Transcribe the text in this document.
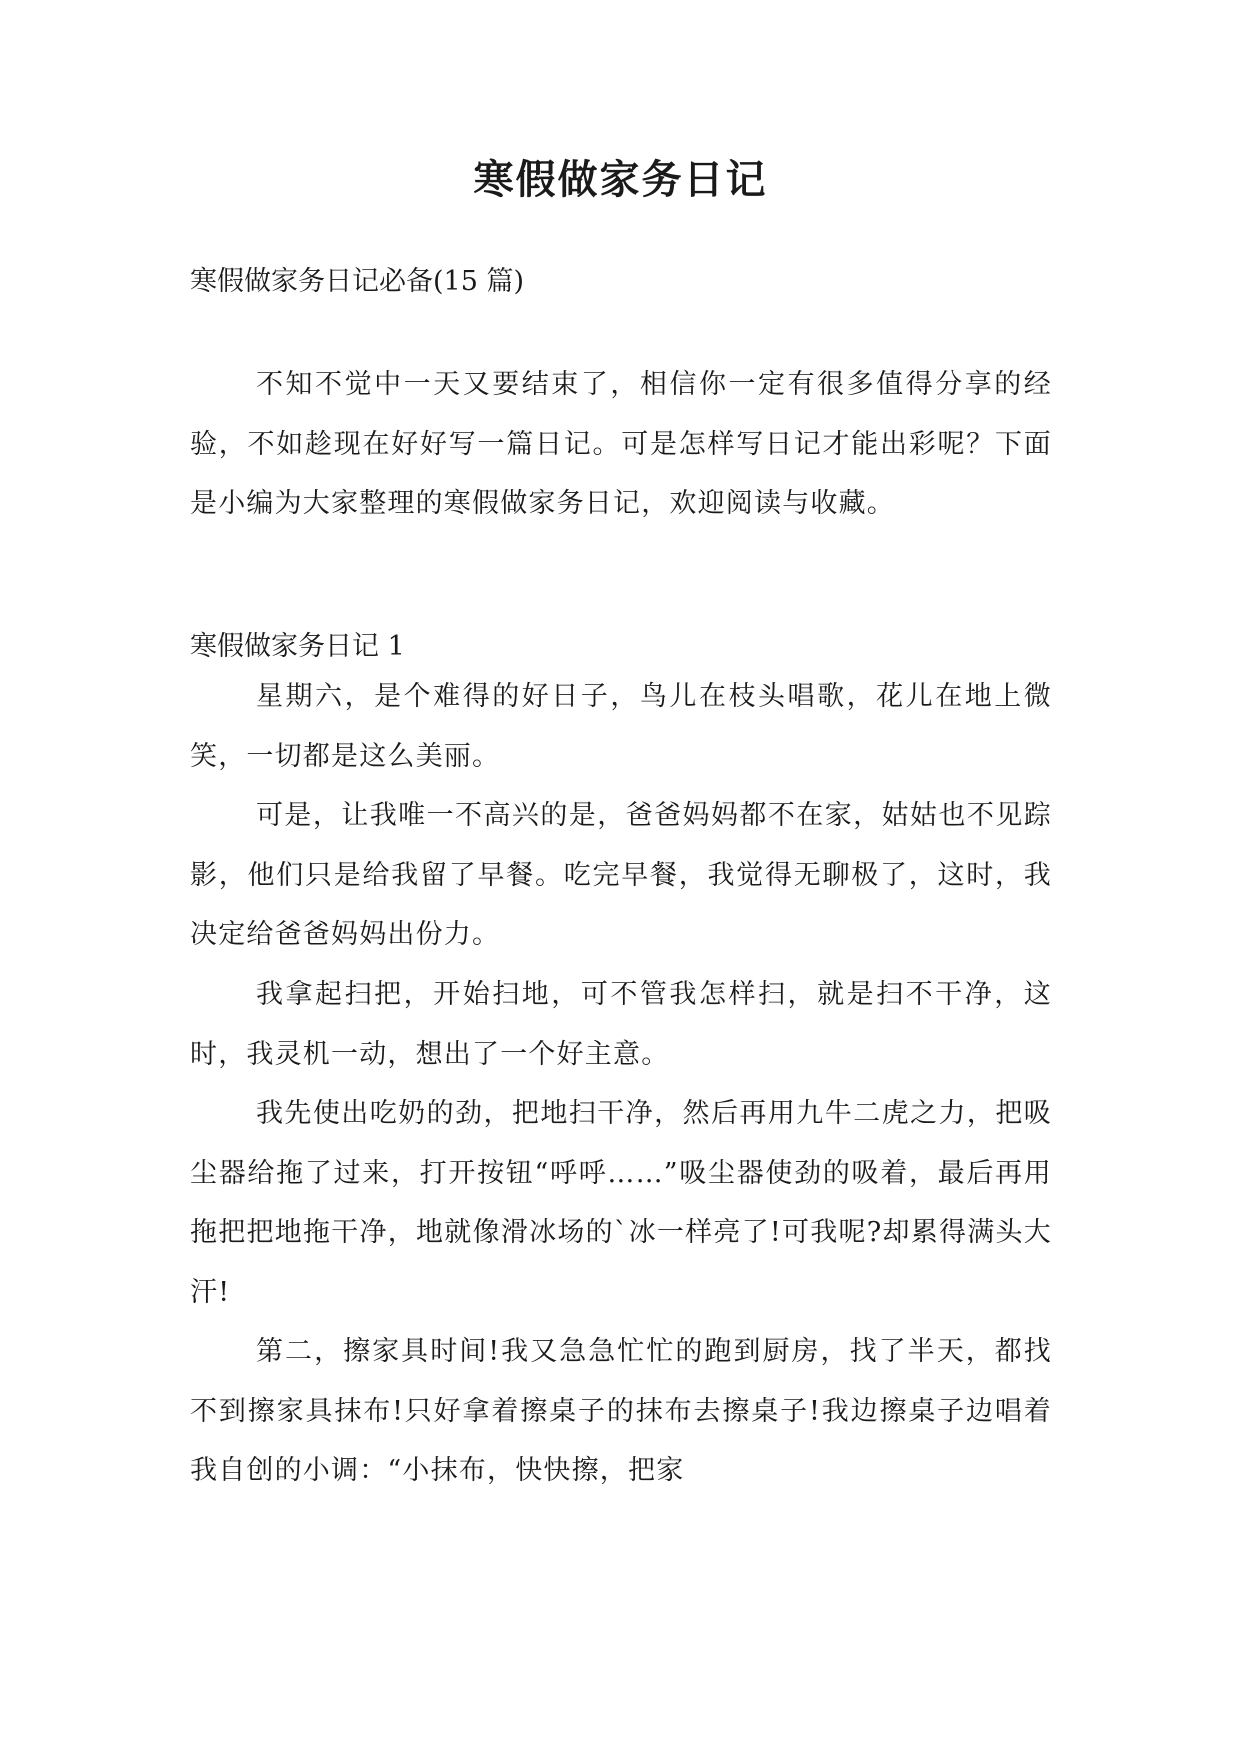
寒假做家务日记

寒假做家务日记必备(15 篇)

不知不觉中一天又要结束了，相信你一定有很多值得分享的经验，不如趁现在好好写一篇日记。可是怎样写日记才能出彩呢？下面是小编为大家整理的寒假做家务日记，欢迎阅读与收藏。

寒假做家务日记 1

星期六，是个难得的好日子，鸟儿在枝头唱歌，花儿在地上微笑，一切都是这么美丽。

可是，让我唯一不高兴的是，爸爸妈妈都不在家，姑姑也不见踪影，他们只是给我留了早餐。吃完早餐，我觉得无聊极了，这时，我决定给爸爸妈妈出份力。

我拿起扫把，开始扫地，可不管我怎样扫，就是扫不干净，这时，我灵机一动，想出了一个好主意。

我先使出吃奶的劲，把地扫干净，然后再用九牛二虎之力，把吸尘器给拖了过来，打开按钮“呼呼……”吸尘器使劲的吸着，最后再用拖把把地拖干净，地就像滑冰场的`冰一样亮了!可我呢?却累得满头大汗!

第二，擦家具时间!我又急急忙忙的跑到厨房，找了半天，都找不到擦家具抹布!只好拿着擦桌子的抹布去擦桌子!我边擦桌子边唱着我自创的小调：“小抹布，快快擦，把家
